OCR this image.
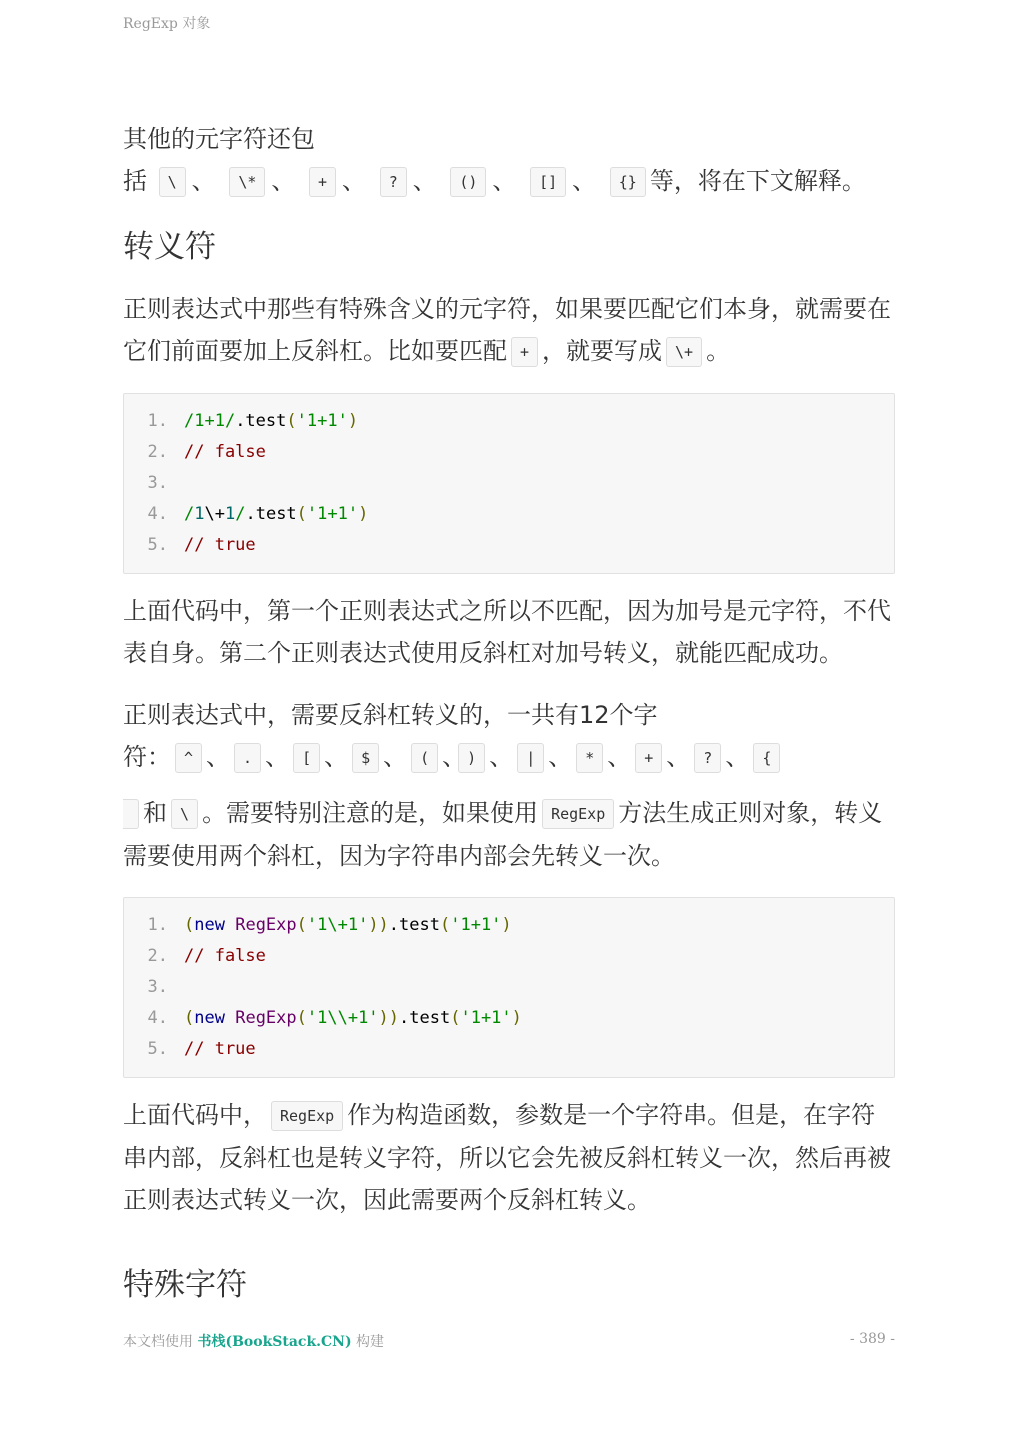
RegExp 对象

其他的元字符还包
括 \ 、 \* 、 + 、 ? 、 () 、 [] 、 {} 等，将在下文解释。

转义符

正则表达式中那些有特殊含义的元字符，如果要匹配它们本身，就需要在它们前面要加上反斜杠。比如要匹配 + ，就要写成 \+ 。

1. /1+1/.test('1+1')
2. // false
3.
4. /1\+1/.test('1+1')
5. // true

上面代码中，第一个正则表达式之所以不匹配，因为加号是元字符，不代表自身。第二个正则表达式使用反斜杠对加号转义，就能匹配成功。

正则表达式中，需要反斜杠转义的，一共有12个字
符： ^ 、 . 、 [ 、 $ 、 ( 、 ) 、 | 、 * 、 + 、 ? 、 {
和 \ 。需要特别注意的是，如果使用 RegExp 方法生成正则对象，转义需要使用两个斜杠，因为字符串内部会先转义一次。

1. (new RegExp('1\+1')).test('1+1')
2. // false
3.
4. (new RegExp('1\\+1')).test('1+1')
5. // true

上面代码中， RegExp 作为构造函数，参数是一个字符串。但是，在字符串内部，反斜杠也是转义字符，所以它会先被反斜杠转义一次，然后再被正则表达式转义一次，因此需要两个反斜杠转义。

特殊字符
本文档使用 书栈(BookStack.CN) 构建	- 389 -
